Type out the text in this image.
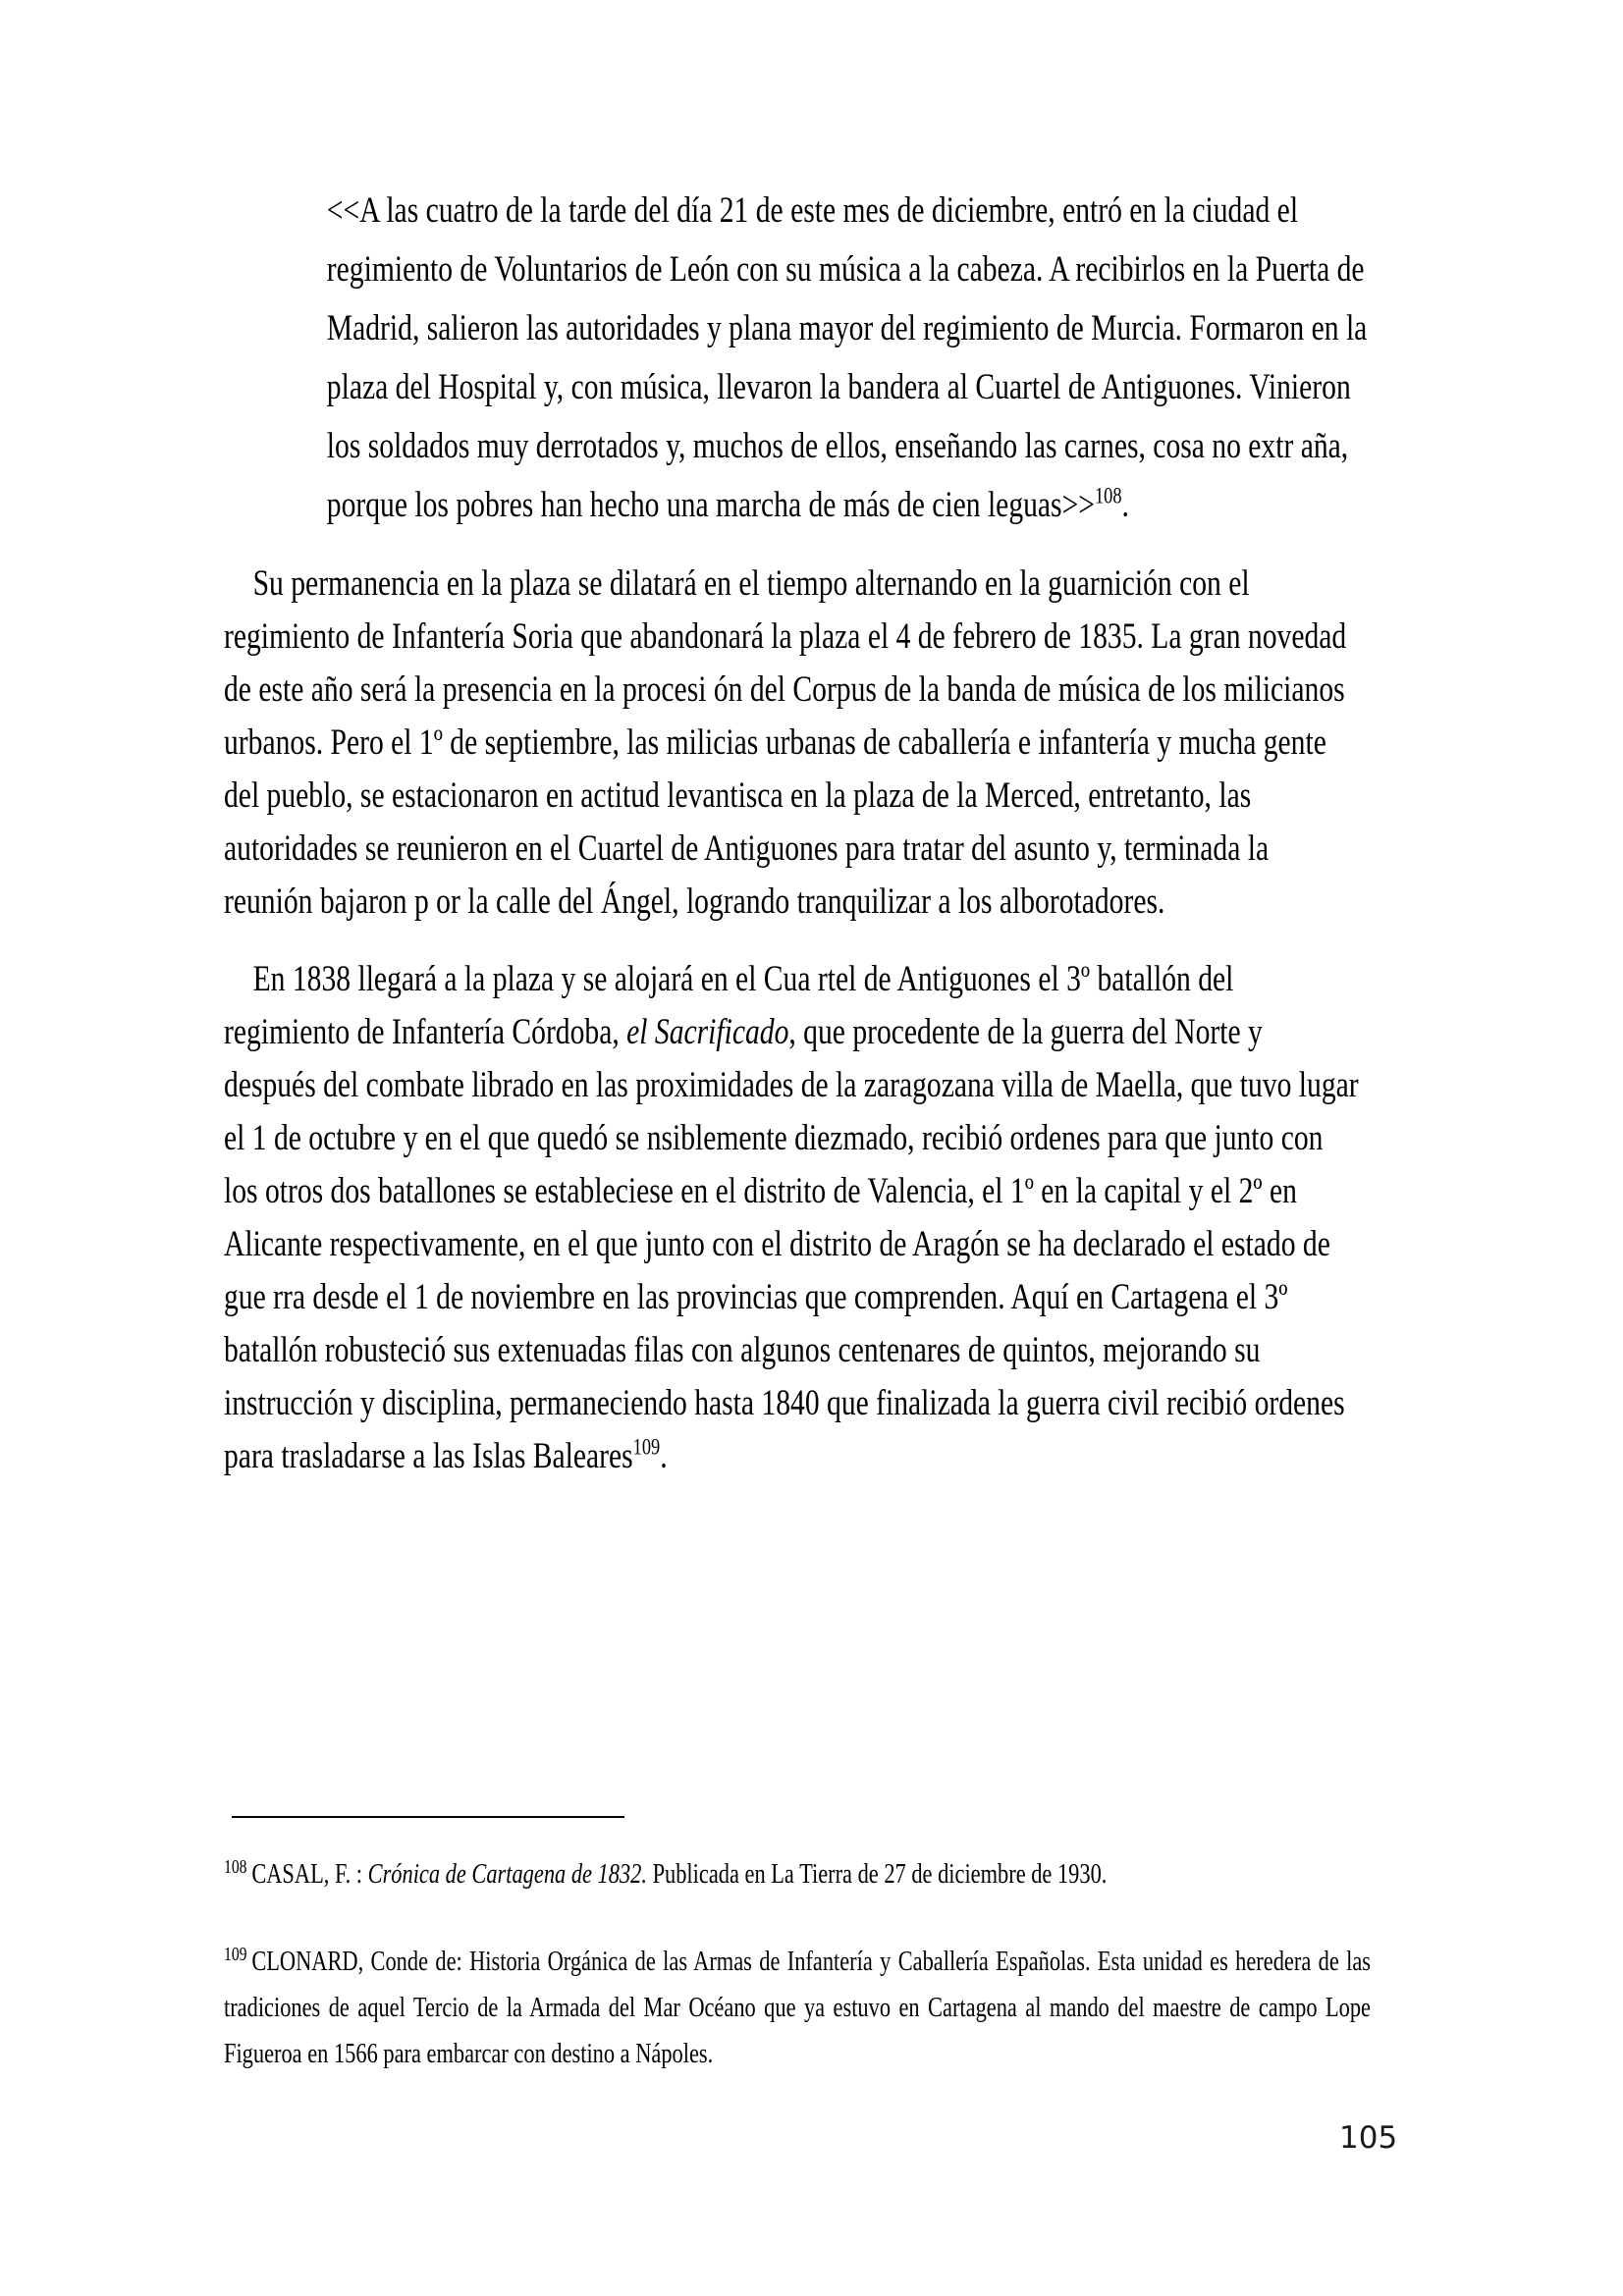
<<A las cuatro de la tarde del día 21 de este mes de diciembre, entró en la ciudad el regimiento de Voluntarios de León con su música a la cabeza. A recibirlos en la Puerta de Madrid, salieron las autoridades y plana mayor del regimiento de Murcia. Formaron en la plaza del Hospital y, con música, llevaron la bandera al Cuartel de Antiguones. Vinieron los soldados muy derrotados y, muchos de ellos, enseñando las carnes, cosa no extr aña, porque los pobres han hecho una marcha de más de cien leguas>>$^{108}$.

Su permanencia en la plaza se dilatará en el tiempo alternando en la guarnición con el regimiento de Infantería Soria que abandonará la plaza el 4 de febrero de 1835. La gran novedad de este año será la presencia en la procesi ón del Corpus de la banda de música de los milicianos urbanos. Pero el 1º de septiembre, las milicias urbanas de caballería e infantería y mucha gente del pueblo, se estacionaron en actitud levantisca en la plaza de la Merced, entretanto, las autoridades se reunieron en el Cuartel de Antiguones para tratar del asunto y, terminada la reunión bajaron p or la calle del Ángel, logrando tranquilizar a los alborotadores.

En 1838 llegará a la plaza y se alojará en el Cua rtel de Antiguones el 3º batallón del regimiento de Infantería Córdoba, el Sacrificado, que procedente de la guerra del Norte y después del combate librado en las proximidades de la zaragozana villa de Maella, que tuvo lugar el 1 de octubre y en el que quedó se nsiblemente diezmado, recibió ordenes para que junto con los otros dos batallones se estableciese en el distrito de Valencia, el 1º en la capital y el 2º en Alicante respectivamente, en el que junto con el distrito de Aragón se ha declarado el estado de gue rra desde el 1 de noviembre en las provincias que comprenden. Aquí en Cartagena el 3º batallón robusteció sus extenuadas filas con algunos centenares de quintos, mejorando su instrucción y disciplina, permaneciendo hasta 1840 que finalizada la guerra civil recibió ordenes para trasladarse a las Islas Baleares$^{109}$.

$^{108}$ CASAL, F. : Crónica de Cartagena de 1832. Publicada en La Tierra de 27 de diciembre de 1930.

$^{109}$ CLONARD, Conde de: Historia Orgánica de las Armas de Infantería y Caballería Españolas. Esta unidad es heredera de las tradiciones de aquel Tercio de la Armada del Mar Océano que ya estuvo en Cartagena al mando del maestre de campo Lope Figueroa en 1566 para embarcar con destino a Nápoles.

105
